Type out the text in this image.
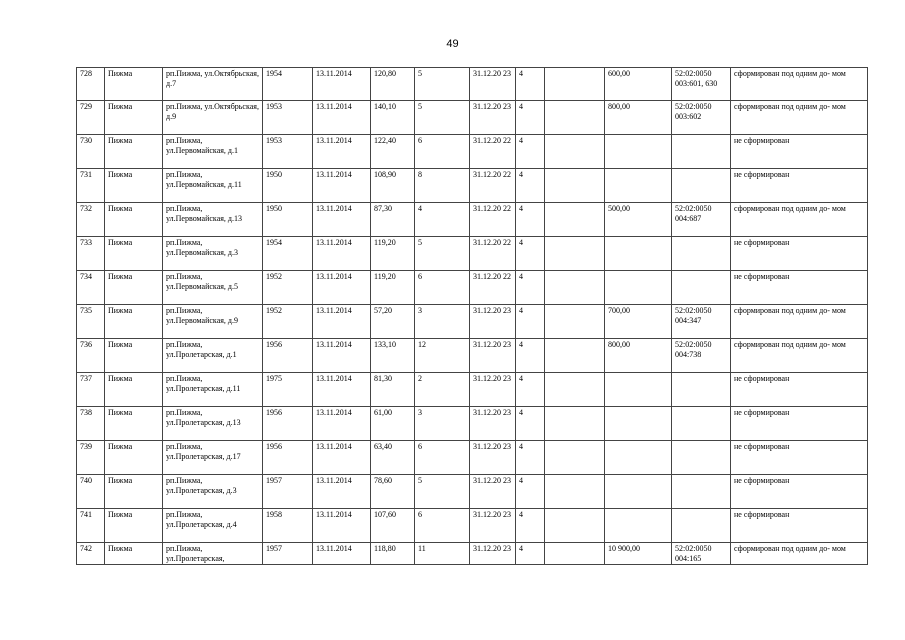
49
728	Пижма	рп.Пижма, ул.Октябрьская, д.7	1954	13.11.2014	120,80	5	31.12.20 23	4		600,00	52:02:0050 003:601, 630	сформирован под одним до- мом
729	Пижма	рп.Пижма, ул.Октябрьская, д.9	1953	13.11.2014	140,10	5	31.12.20 23	4		800,00	52:02:0050 003:602	сформирован под одним до- мом
730	Пижма	рп.Пижма, ул.Первомайская, д.1	1953	13.11.2014	122,40	6	31.12.20 22	4				не сформирован
731	Пижма	рп.Пижма, ул.Первомайская, д.11	1950	13.11.2014	108,90	8	31.12.20 22	4				не сформирован
732	Пижма	рп.Пижма, ул.Первомайская, д.13	1950	13.11.2014	87,30	4	31.12.20 22	4		500,00	52:02:0050 004:687	сформирован под одним до- мом
733	Пижма	рп.Пижма, ул.Первомайская, д.3	1954	13.11.2014	119,20	5	31.12.20 22	4				не сформирован
734	Пижма	рп.Пижма, ул.Первомайская, д.5	1952	13.11.2014	119,20	6	31.12.20 22	4				не сформирован
735	Пижма	рп.Пижма, ул.Первомайская, д.9	1952	13.11.2014	57,20	3	31.12.20 23	4		700,00	52:02:0050 004:347	сформирован под одним до- мом
736	Пижма	рп.Пижма, ул.Пролетарская, д.1	1956	13.11.2014	133,10	12	31.12.20 23	4		800,00	52:02:0050 004:738	сформирован под одним до- мом
737	Пижма	рп.Пижма, ул.Пролетарская, д.11	1975	13.11.2014	81,30	2	31.12.20 23	4				не сформирован
738	Пижма	рп.Пижма, ул.Пролетарская, д.13	1956	13.11.2014	61,00	3	31.12.20 23	4				не сформирован
739	Пижма	рп.Пижма, ул.Пролетарская, д.17	1956	13.11.2014	63,40	6	31.12.20 23	4				не сформирован
740	Пижма	рп.Пижма, ул.Пролетарская, д.3	1957	13.11.2014	78,60	5	31.12.20 23	4				не сформирован
741	Пижма	рп.Пижма, ул.Пролетарская, д.4	1958	13.11.2014	107,60	6	31.12.20 23	4				не сформирован
742	Пижма	рп.Пижма, ул.Пролетарская,	1957	13.11.2014	118,80	11	31.12.20 23	4		10 900,00	52:02:0050 004:165	сформирован под одним до- мом
